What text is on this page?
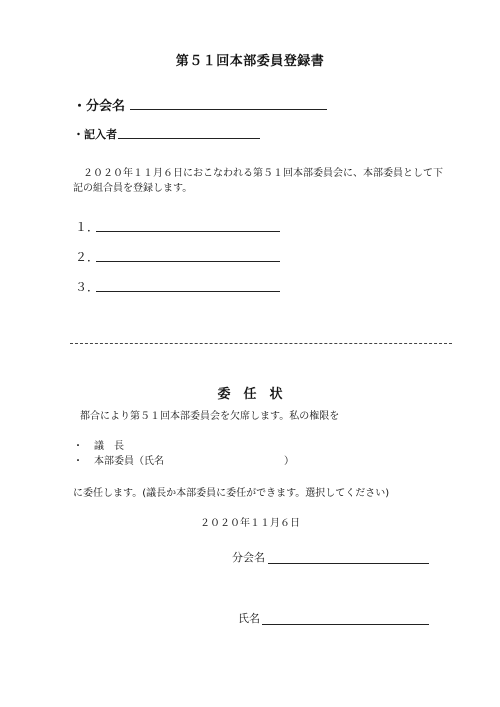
第５１回本部委員登録書
・分会名
・記入者
２０２０年１１月６日におこなわれる第５１回本部委員会に、本部委員として下記の組合員を登録します。
１．
２．
３．
委　任　状
都合により第５１回本部委員会を欠席します。私の権限を
・ 議　長
・ 本部委員（氏名　　　　　　　　　　　　）
に委任します。(議長か本部委員に委任ができます。選択してください)
２０２０年１１月６日
分会名
氏名
